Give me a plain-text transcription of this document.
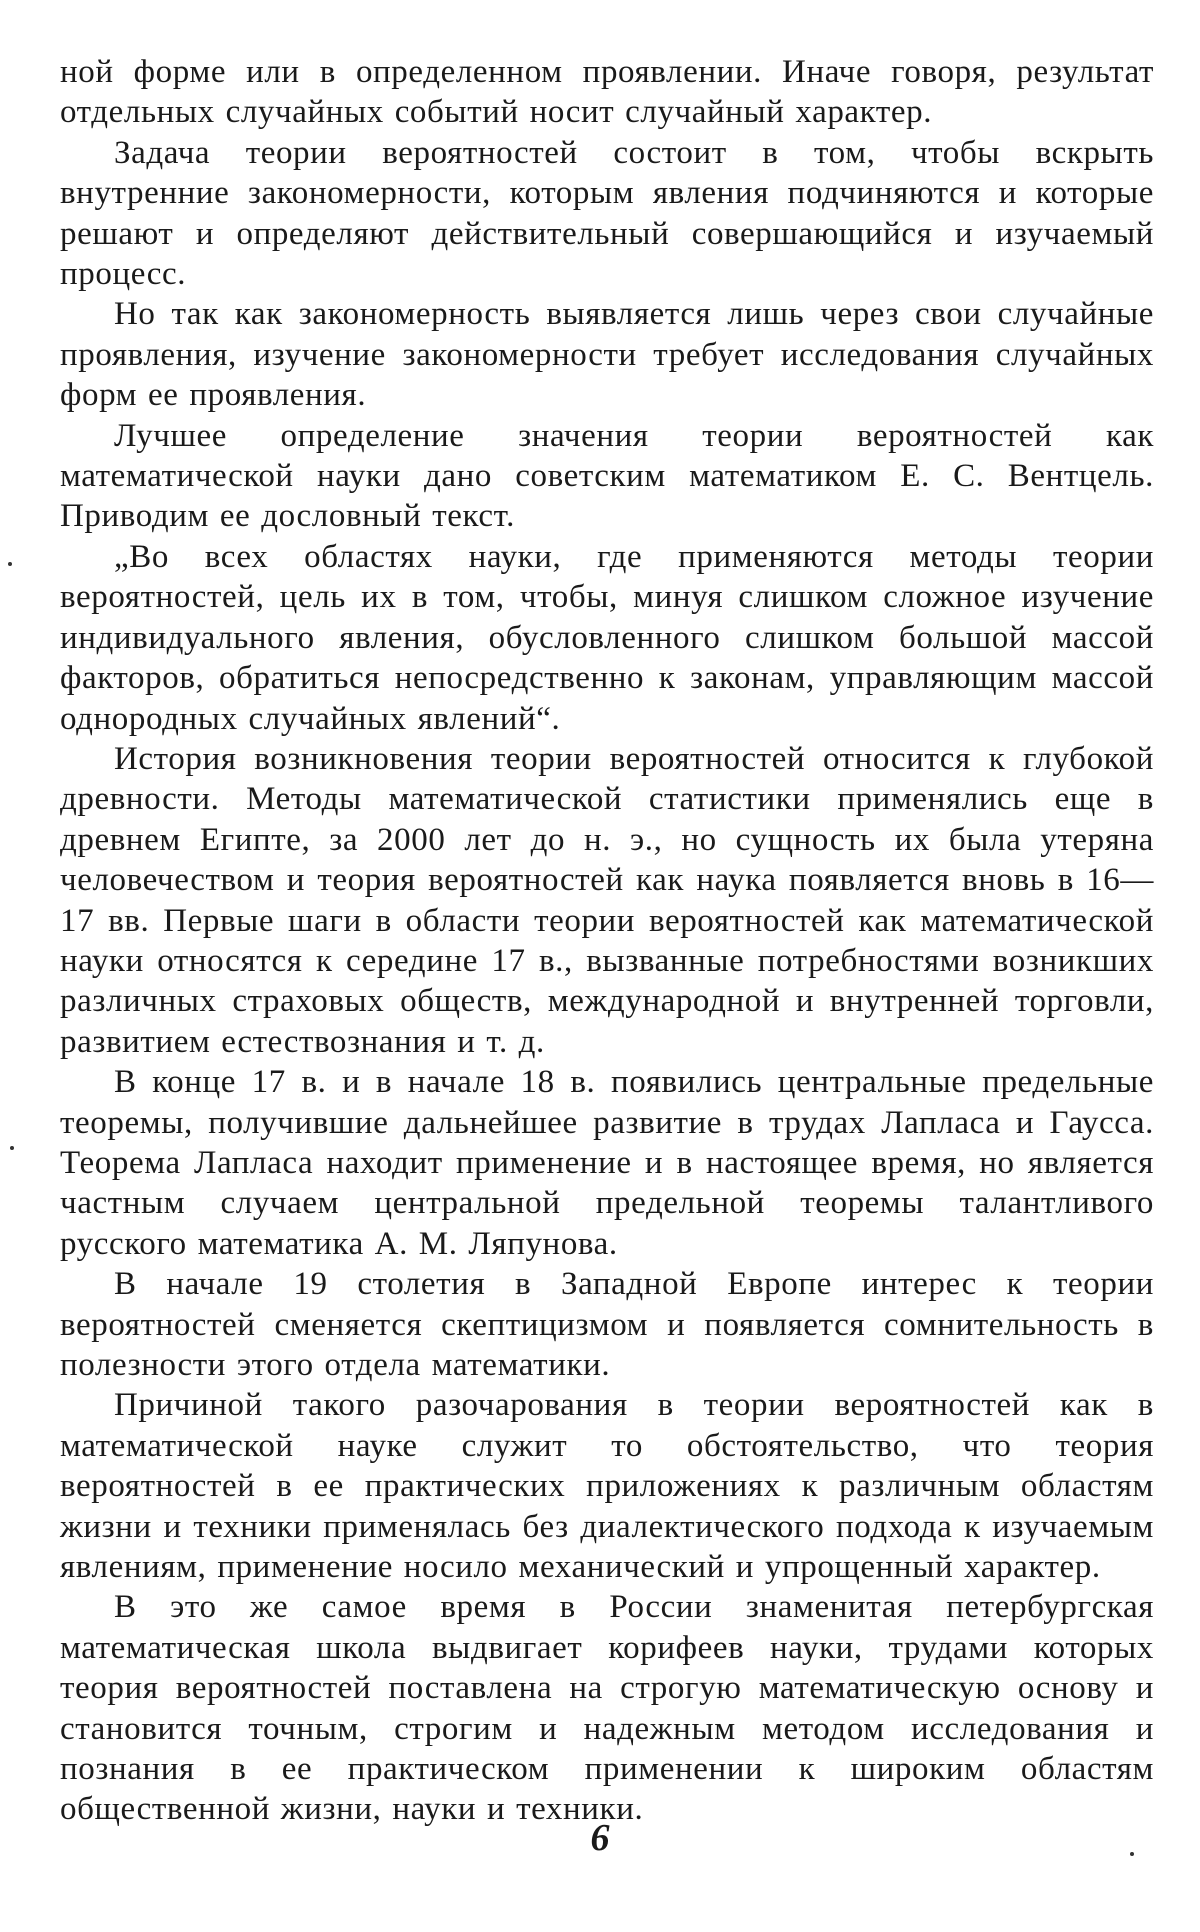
ной форме или в определенном проявлении. Иначе говоря, результат отдельных случайных событий носит случайный характер.

Задача теории вероятностей состоит в том, чтобы вскрыть внутренние закономерности, которым явления подчиняются и которые решают и определяют действительный совершающийся и изучаемый процесс.

Но так как закономерность выявляется лишь через свои случайные проявления, изучение закономерности требует исследования случайных форм ее проявления.

Лучшее определение значения теории вероятностей как математической науки дано советским математиком Е. С. Вентцель. Приводим ее дословный текст.

„Во всех областях науки, где применяются методы теории вероятностей, цель их в том, чтобы, минуя слишком сложное изучение индивидуального явления, обусловленного слишком большой массой факторов, обратиться непосредственно к законам, управляющим массой однородных случайных явлений“.

История возникновения теории вероятностей относится к глубокой древности. Методы математической статистики применялись еще в древнем Египте, за 2000 лет до н. э., но сущность их была утеряна человечеством и теория вероятностей как наука появляется вновь в 16—17 вв. Первые шаги в области теории вероятностей как математической науки относятся к середине 17 в., вызванные потребностями возникших различных страховых обществ, международной и внутренней торговли, развитием естествознания и т. д.

В конце 17 в. и в начале 18 в. появились центральные предельные теоремы, получившие дальнейшее развитие в трудах Лапласа и Гаусса. Теорема Лапласа находит применение и в настоящее время, но является частным случаем центральной предельной теоремы талантливого русского математика А. М. Ляпунова.

В начале 19 столетия в Западной Европе интерес к теории вероятностей сменяется скептицизмом и появляется сомнительность в полезности этого отдела математики.

Причиной такого разочарования в теории вероятностей как в математической науке служит то обстоятельство, что теория вероятностей в ее практических приложениях к различным областям жизни и техники применялась без диалектического подхода к изучаемым явлениям, применение носило механический и упрощенный характер.

В это же самое время в России знаменитая петербургская математическая школа выдвигает корифеев науки, трудами которых теория вероятностей поставлена на строгую математическую основу и становится точным, строгим и надежным методом исследования и познания в ее практическом применении к широким областям общественной жизни, науки и техники.

6
